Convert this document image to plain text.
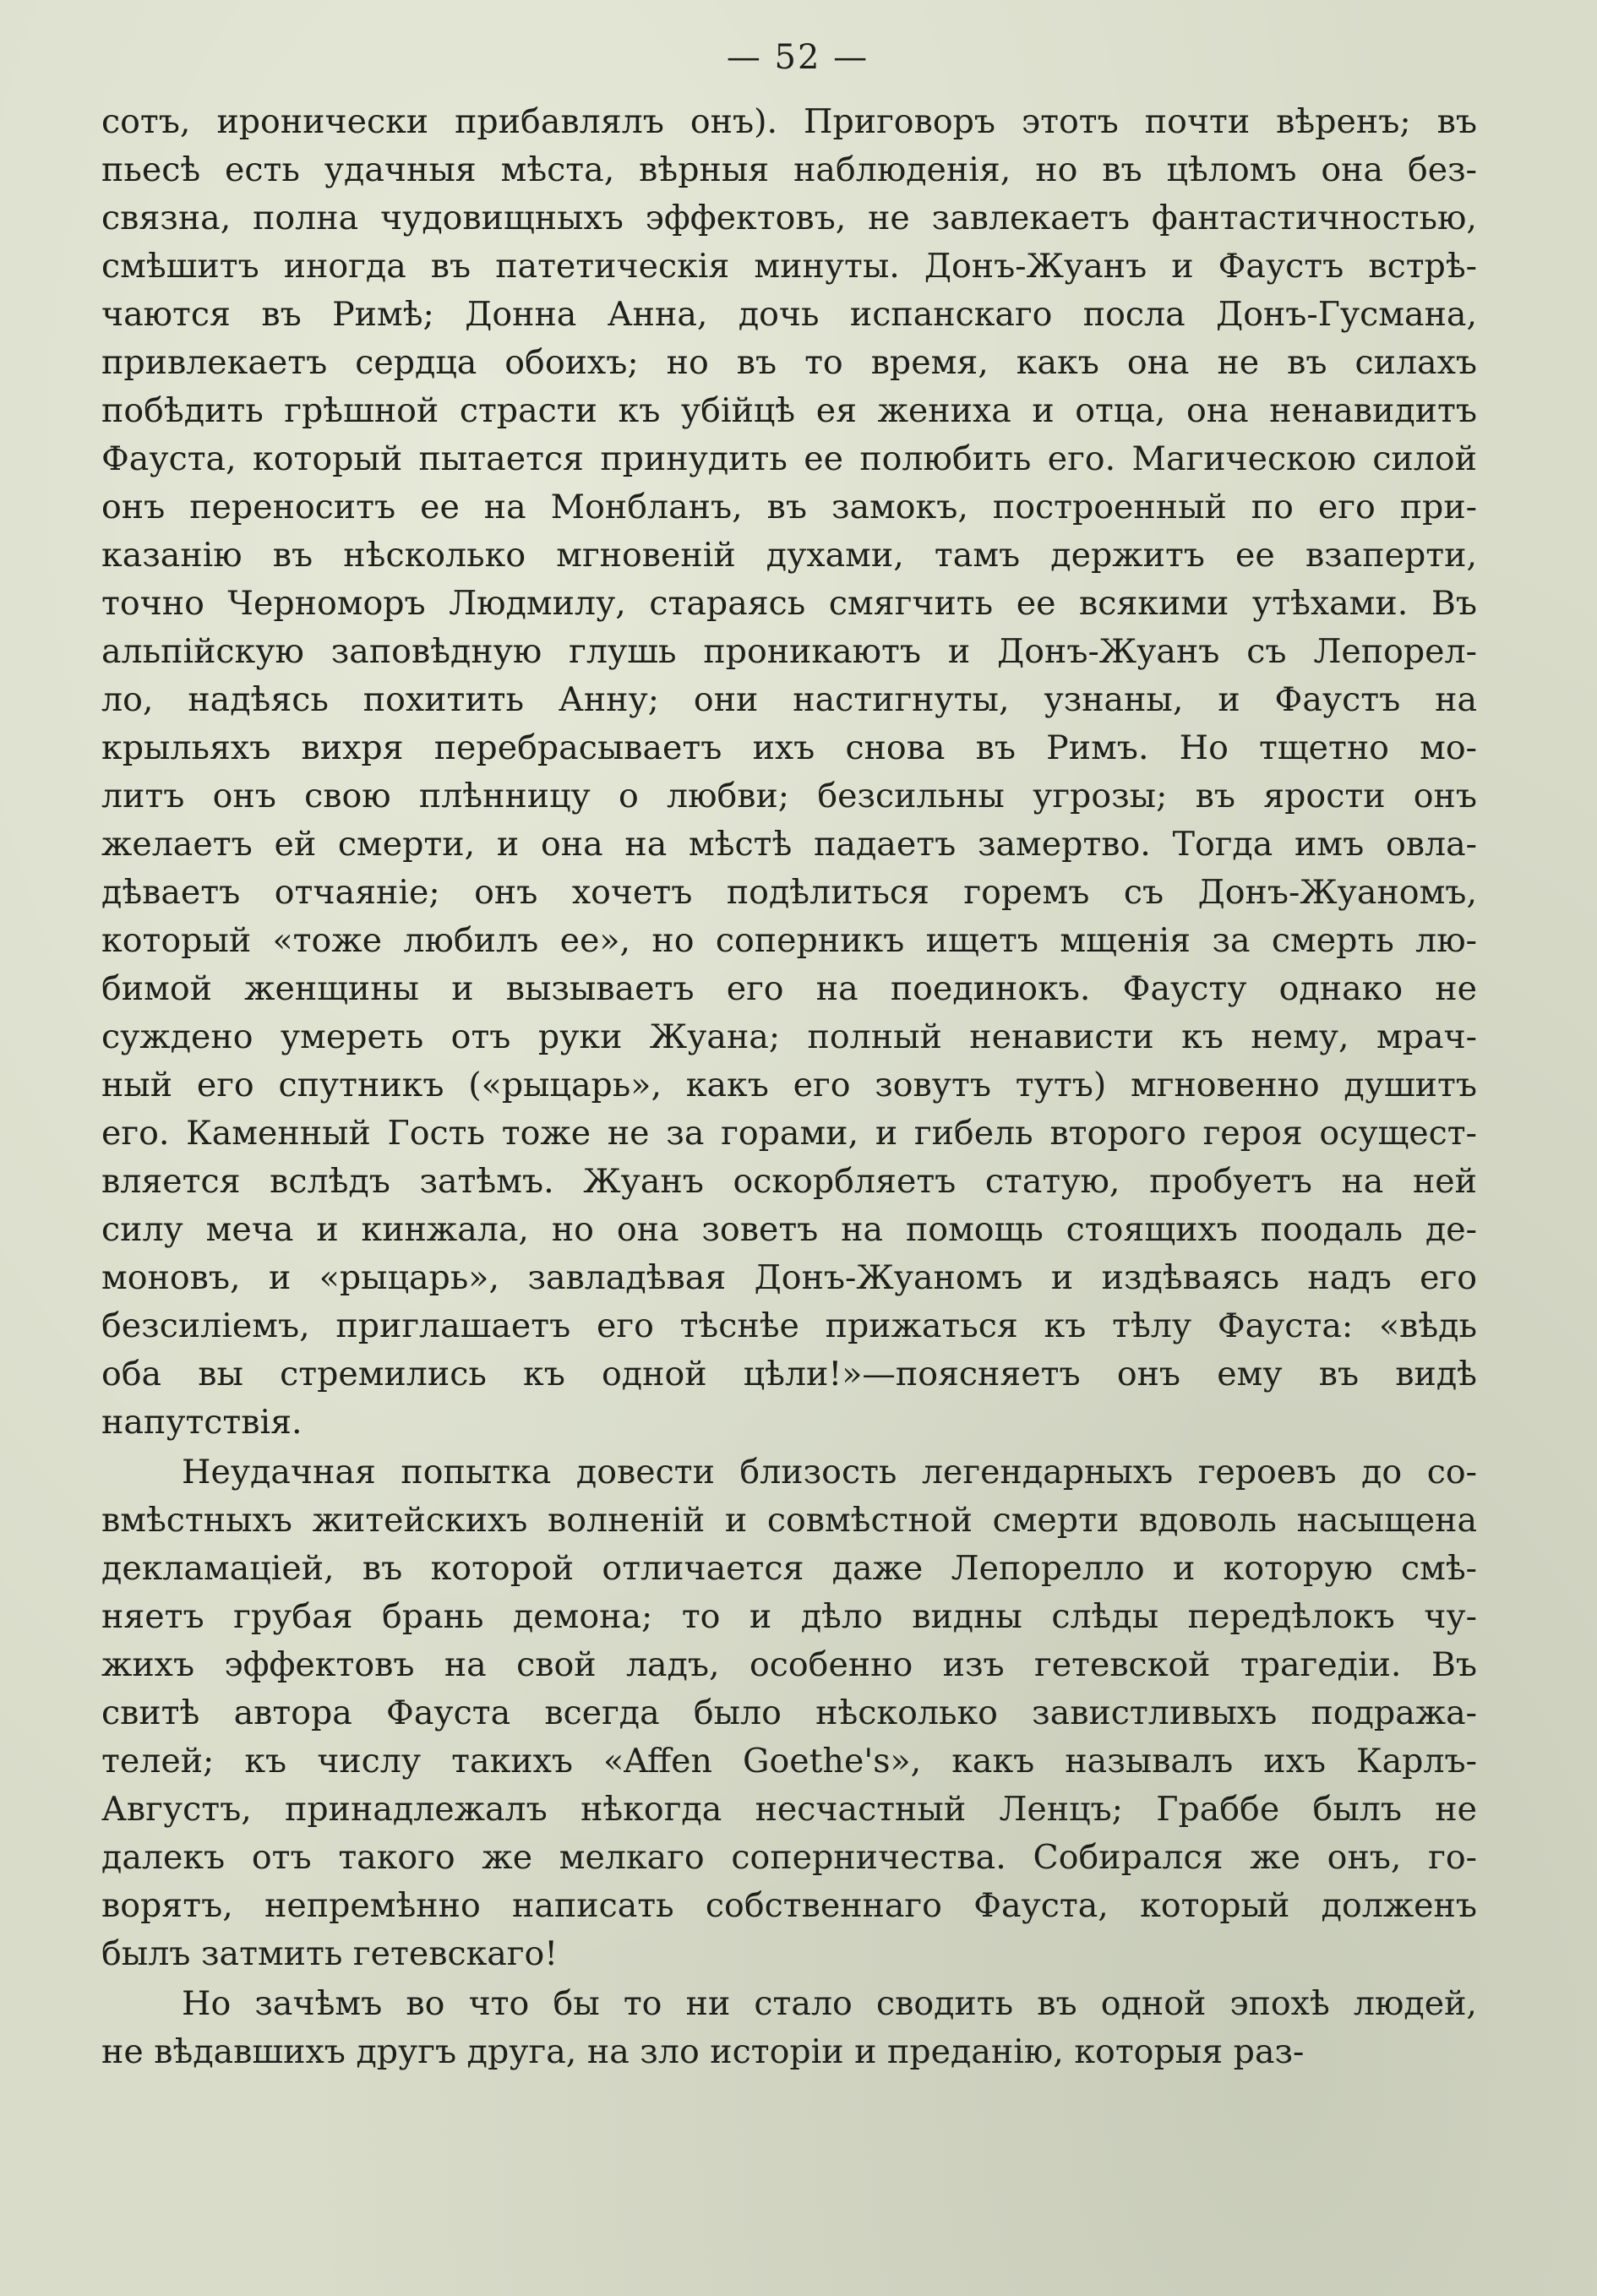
— 52 —
сотъ, иронически прибавлялъ онъ). Приговоръ этотъ почти вѣренъ; въ
пьесѣ есть удачныя мѣста, вѣрныя наблюденія, но въ цѣломъ она без-
связна, полна чудовищныхъ эффектовъ, не завлекаетъ фантастичностью,
смѣшитъ иногда въ патетическія минуты. Донъ-Жуанъ и Фаустъ встрѣ-
чаются въ Римѣ; Донна Анна, дочь испанскаго посла Донъ-Гусмана,
привлекаетъ сердца обоихъ; но въ то время, какъ она не въ силахъ
побѣдить грѣшной страсти къ убійцѣ ея жениха и отца, она ненавидитъ
Фауста, который пытается принудить ее полюбить его. Магическою силой
онъ переноситъ ее на Монбланъ, въ замокъ, построенный по его при-
казанію въ нѣсколько мгновеній духами, тамъ держитъ ее взаперти,
точно Черноморъ Людмилу, стараясь смягчить ее всякими утѣхами. Въ
альпійскую заповѣдную глушь проникаютъ и Донъ-Жуанъ съ Лепорел-
ло, надѣясь похитить Анну; они настигнуты, узнаны, и Фаустъ на
крыльяхъ вихря перебрасываетъ ихъ снова въ Римъ. Но тщетно мо-
литъ онъ свою плѣнницу о любви; безсильны угрозы; въ ярости онъ
желаетъ ей смерти, и она на мѣстѣ падаетъ замертво. Тогда имъ овла-
дѣваетъ отчаяніе; онъ хочетъ подѣлиться горемъ съ Донъ-Жуаномъ,
который «тоже любилъ ее», но соперникъ ищетъ мщенія за смерть лю-
бимой женщины и вызываетъ его на поединокъ. Фаусту однако не
суждено умереть отъ руки Жуана; полный ненависти къ нему, мрач-
ный его спутникъ («рыцарь», какъ его зовутъ тутъ) мгновенно душитъ
его. Каменный Гость тоже не за горами, и гибель второго героя осущест-
вляется вслѣдъ затѣмъ. Жуанъ оскорбляетъ статую, пробуетъ на ней
силу меча и кинжала, но она зоветъ на помощь стоящихъ поодаль де-
моновъ, и «рыцарь», завладѣвая Донъ-Жуаномъ и издѣваясь надъ его
безсиліемъ, приглашаетъ его тѣснѣе прижаться къ тѣлу Фауста: «вѣдь
оба вы стремились къ одной цѣли!»—поясняетъ онъ ему въ видѣ
напутствія.
Неудачная попытка довести близость легендарныхъ героевъ до со-
вмѣстныхъ житейскихъ волненій и совмѣстной смерти вдоволь насыщена
декламаціей, въ которой отличается даже Лепорелло и которую смѣ-
няетъ грубая брань демона; то и дѣло видны слѣды передѣлокъ чу-
жихъ эффектовъ на свой ладъ, особенно изъ гетевской трагедіи. Въ
свитѣ автора Фауста всегда было нѣсколько завистливыхъ подража-
телей; къ числу такихъ «Affen Goethe's», какъ называлъ ихъ Карлъ-
Августъ, принадлежалъ нѣкогда несчастный Ленцъ; Граббе былъ не
далекъ отъ такого же мелкаго соперничества. Собирался же онъ, го-
ворятъ, непремѣнно написать собственнаго Фауста, который долженъ
былъ затмить гетевскаго!
Но зачѣмъ во что бы то ни стало сводить въ одной эпохѣ людей,
не вѣдавшихъ другъ друга, на зло исторіи и преданію, которыя раз-
